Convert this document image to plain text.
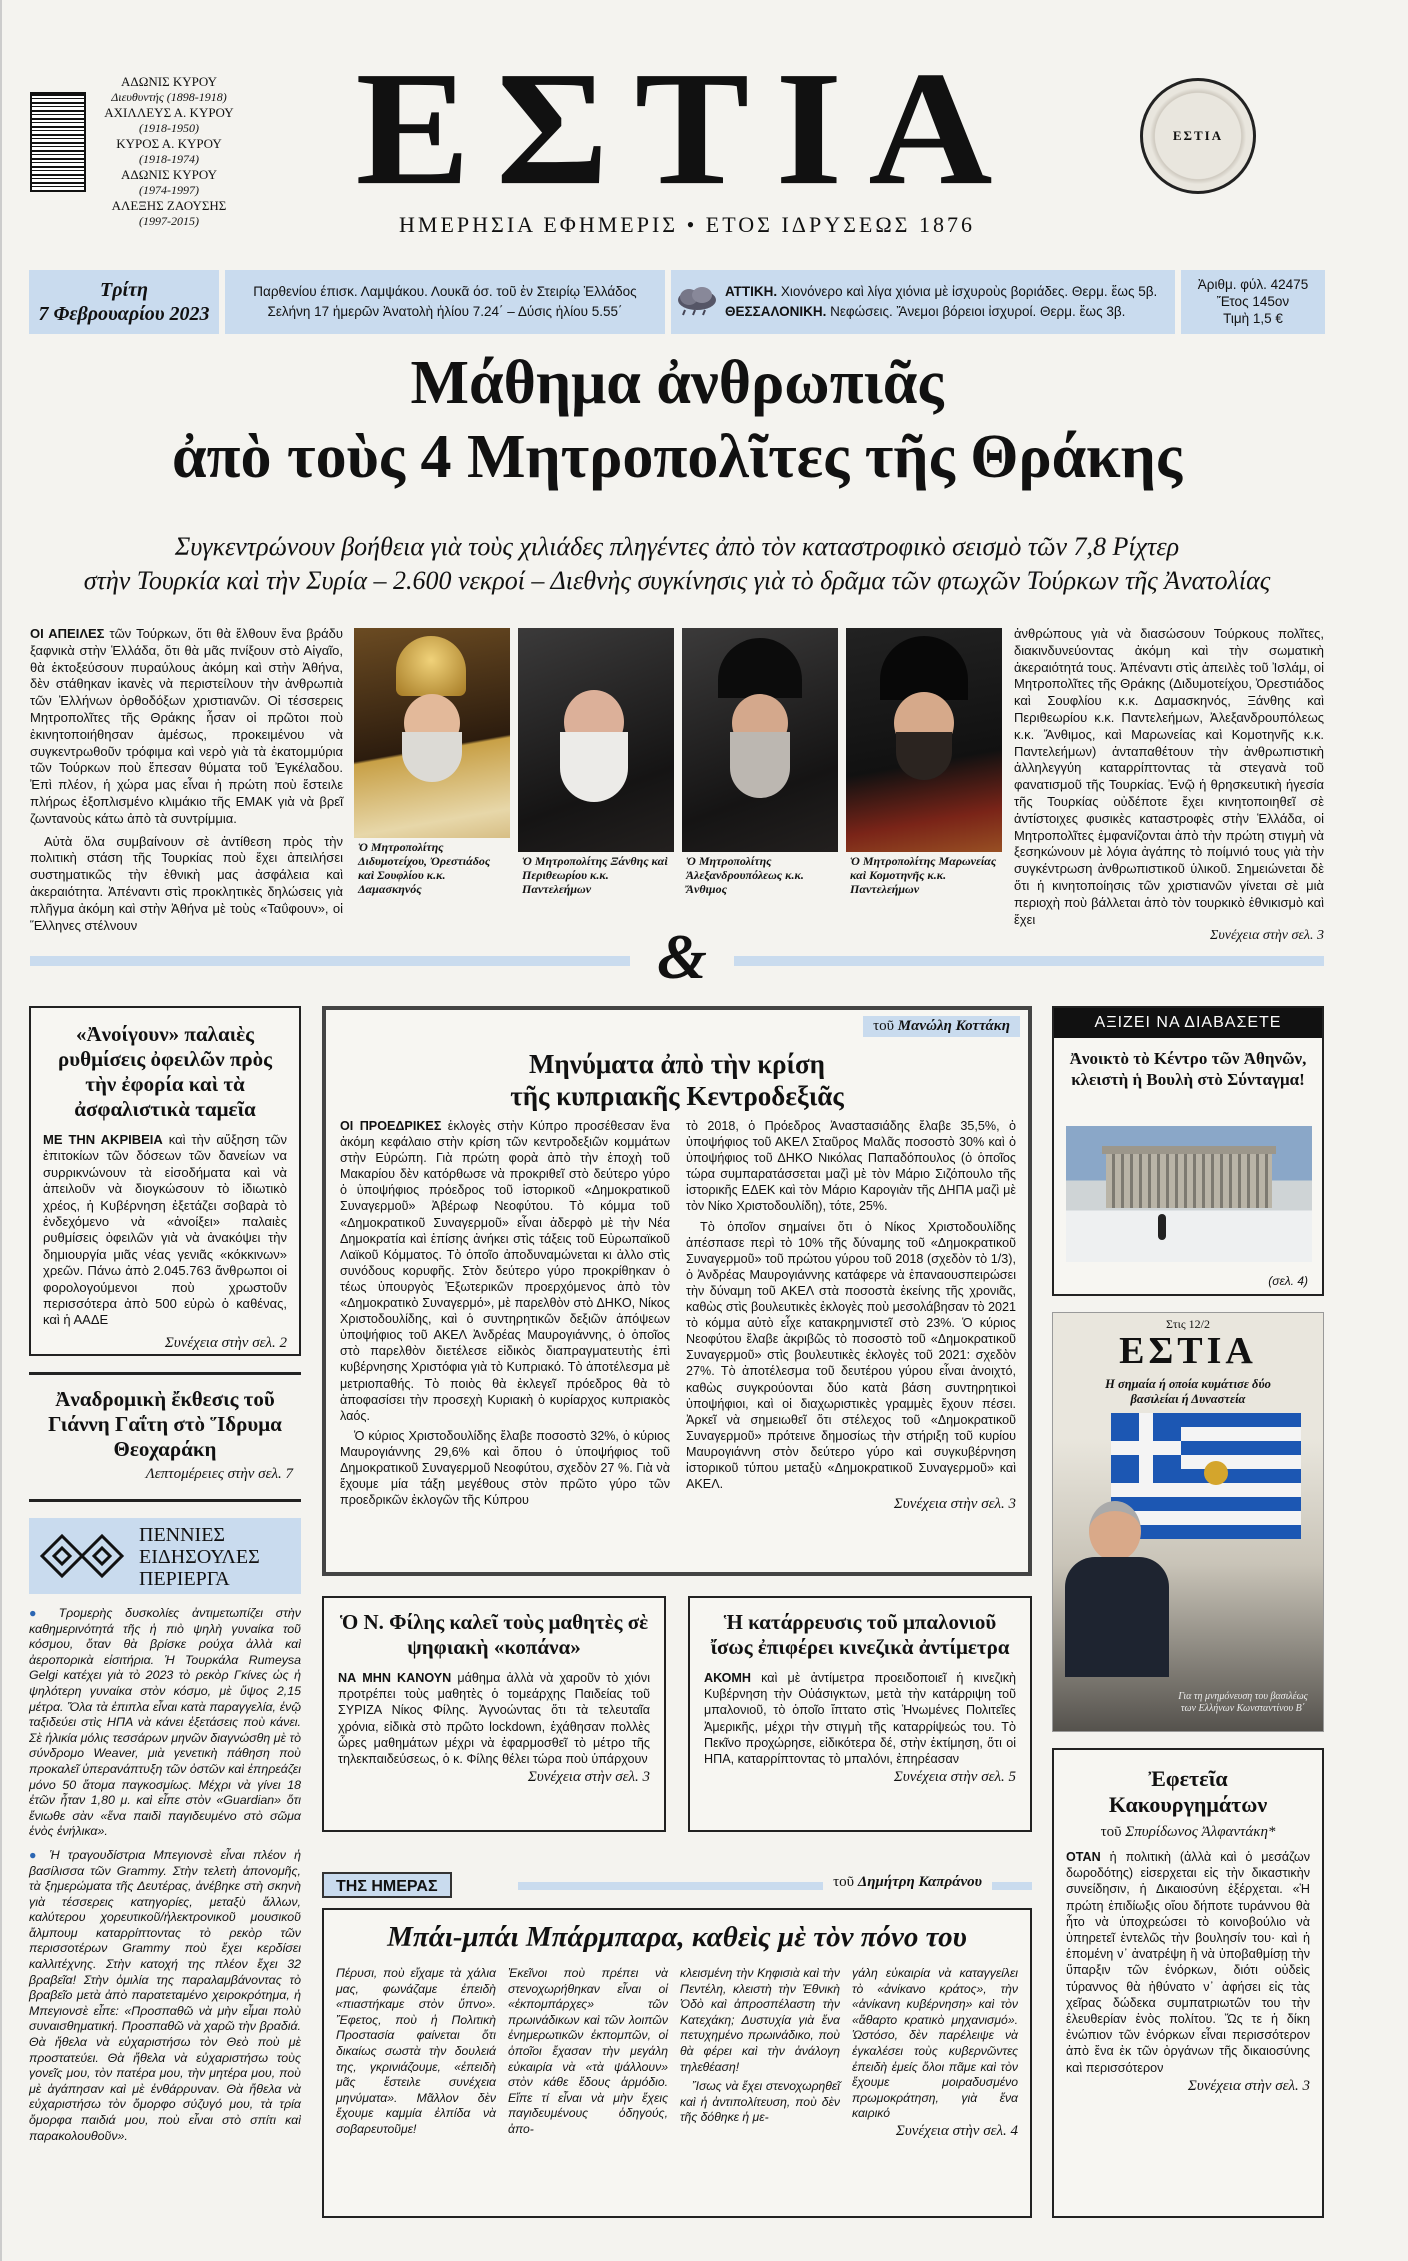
ΑΔΩΝΙΣ ΚΥΡΟΥ
Διευθυντής (1898-1918)
ΑΧΙΛΛΕΥΣ Α. ΚΥΡΟΥ
(1918-1950)
ΚΥΡΟΣ Α. ΚΥΡΟΥ
(1918-1974)
ΑΔΩΝΙΣ ΚΥΡΟΥ
(1974-1997)
ΑΛΕΞΗΣ ΖΑΟΥΣΗΣ
(1997-2015)
ΕΣΤΙΑ
ΗΜΕΡΗΣΙΑ ΕΦΗΜΕΡΙΣ • ΕΤΟΣ ΙΔΡΥΣΕΩΣ 1876
ΕΣΤΙΑ
Τρίτη
7 Φεβρουαρίου 2023
Παρθενίου έπισκ. Λαμψάκου. Λουκᾶ όσ. τοῦ ἐν Στειρίῳ Ἑλλάδος
Σελήνη 17 ἡμερῶν Ἀνατολὴ ἡλίου 7.24΄ – Δύσις ἡλίου 5.55΄
ΑΤΤΙΚΗ. Χιονόνερο καὶ λίγα χιόνια μὲ ἰσχυροὺς βοριάδες. Θερμ. ἕως 5β.
ΘΕΣΣΑΛΟΝΙΚΗ. Νεφώσεις. Ἄνεμοι βόρειοι ἰσχυροί. Θερμ. ἕως 3β.
Ἀριθμ. φύλ. 42475
Ἔτος 145ον
Τιμὴ 1,5 €
Μάθημα ἀνθρωπιᾶς
ἀπὸ τοὺς 4 Μητροπολῖτες τῆς Θράκης
Συγκεντρώνουν βοήθεια γιὰ τοὺς χιλιάδες πληγέντες ἀπὸ τὸν καταστροφικὸ σεισμὸ τῶν 7,8 Ρίχτερ
στὴν Τουρκία καὶ τὴν Συρία – 2.600 νεκροί – Διεθνὴς συγκίνησις γιὰ τὸ δρᾶμα τῶν φτωχῶν Τούρκων τῆς Ἀνατολίας

ΟΙ ΑΠΕΙΛΕΣ τῶν Τούρκων, ὅτι θὰ ἔλθουν ἕνα βράδυ ξαφνικὰ στὴν Ἑλλάδα, ὅτι θὰ μᾶς πνίξουν στὸ Αἰγαῖο, θὰ ἐκτοξεύσουν πυραύλους ἀκόμη καὶ στὴν Ἀθήνα, δὲν στάθηκαν ἱκανὲς νὰ περιστείλουν τὴν ἀνθρωπιὰ τῶν Ἑλλήνων ὀρθοδόξων χριστιανῶν. Οἱ τέσσερεις Μητροπολῖτες τῆς Θράκης ἦσαν οἱ πρῶτοι ποὺ ἐκινητοποιήθησαν ἀμέσως, προκειμένου νὰ συγκεντρωθοῦν τρόφιμα καὶ νερὸ γιὰ τὰ ἑκατομμύρια τῶν Τούρκων ποὺ ἔπεσαν θύματα τοῦ Ἐγκέλαδου. Ἐπὶ πλέον, ἡ χώρα μας εἶναι ἡ πρώτη ποὺ ἔστειλε πλήρως ἐξοπλισμένο κλιμάκιο τῆς ΕΜΑΚ γιὰ νὰ βρεῖ ζωντανοὺς κάτω ἀπὸ τὰ συντρίμμια.

Αὐτὰ ὅλα συμβαίνουν σὲ ἀντίθεση πρὸς τὴν πολιτικὴ στάση τῆς Τουρκίας ποὺ ἔχει ἀπειλήσει συστηματικῶς τὴν ἐθνικὴ μας ἀσφάλεια καὶ ἀκεραιότητα. Ἀπέναντι στὶς προκλητικὲς δηλώσεις γιὰ πλῆγμα ἀκόμη καὶ στὴν Ἀθήνα μὲ τοὺς «Ταΰφουν», οἱ Ἕλληνες στέλνουν

Ὁ Μητροπολίτης Διδυμοτείχου, Ὀρεστιάδος καὶ Σουφλίου κ.κ. Δαμασκηνός
Ὁ Μητροπολίτης Ξάνθης καὶ Περιθεωρίου κ.κ. Παντελεήμων
Ὁ Μητροπολίτης Ἀλεξανδρουπόλεως κ.κ. Ἄνθιμος
Ὁ Μητροπολίτης Μαρωνείας καὶ Κομοτηνῆς κ.κ. Παντελεήμων

ἀνθρώπους γιὰ νὰ διασώσουν Τούρκους πολῖτες, διακινδυνεύοντας ἀκόμη καὶ τὴν σωματικὴ ἀκεραιότητά τους. Ἀπέναντι στὶς ἀπειλὲς τοῦ Ἰσλάμ, οἱ Μητροπολῖτες τῆς Θράκης (Διδυμοτείχου, Ὀρεστιάδος καὶ Σουφλίου κ.κ. Δαμασκηνός, Ξάνθης καὶ Περιθεωρίου κ.κ. Παντελεήμων, Ἀλεξανδρουπόλεως κ.κ. Ἄνθιμος, καὶ Μαρωνείας καὶ Κομοτηνῆς κ.κ. Παντελεήμων) ἀνταπαθέτουν τὴν ἀνθρωπιστικὴ ἀλληλεγγύη καταρρίπτοντας τὰ στεγανὰ τοῦ φανατισμοῦ τῆς Τουρκίας. Ἐνῷ ἡ θρησκευτικὴ ἡγεσία τῆς Τουρκίας οὐδέποτε ἔχει κινητοποιηθεῖ σὲ ἀντίστοιχες φυσικὲς καταστροφὲς στὴν Ἑλλάδα, οἱ Μητροπολῖτες ἐμφανίζονται ἀπὸ τὴν πρώτη στιγμὴ νὰ ξεσηκώνουν μὲ λόγια ἀγάπης τὸ ποίμνιό τους γιὰ τὴν συγκέντρωση ἀνθρωπιστικοῦ ὑλικοῦ. Σημειώνεται δὲ ὅτι ἡ κινητοποίησις τῶν χριστιανῶν γίνεται σὲ μιὰ περιοχὴ ποὺ βάλλεται ἀπὸ τὸν τουρκικὸ ἐθνικισμὸ καὶ ἔχει

Συνέχεια στὴν σελ. 3

&
«Ἀνοίγουν» παλαιὲς ρυθμίσεις ὀφειλῶν πρὸς τὴν ἐφορία καὶ τὰ ἀσφαλιστικὰ ταμεῖα

ΜΕ ΤΗΝ ΑΚΡΙΒΕΙΑ καὶ τὴν αὔξηση τῶν ἐπιτοκίων τῶν δόσεων τῶν δανείων να συρρικνώνουν τὰ εἰσοδήματα καὶ νὰ ἀπειλοῦν νὰ διογκώσουν τὸ ἰδιωτικὸ χρέος, ἡ Κυβέρνηση ἐξετάζει σοβαρὰ τὸ ἐνδεχόμενο νὰ «ἀνοίξει» παλαιὲς ρυθμίσεις ὀφειλῶν γιὰ νὰ ἀνακόψει τὴν δημιουργία μιᾶς νέας γενιᾶς «κόκκινων» χρεῶν. Πάνω ἀπὸ 2.045.763 ἄνθρωποι οἱ φορολογούμενοι ποὺ χρωστοῦν περισσότερα ἀπὸ 500 εὐρὼ ὁ καθένας, καὶ ἡ ΑΑΔΕ

Συνέχεια στὴν σελ. 2

Ἀναδρομικὴ ἔκθεσις τοῦ Γιάννη Γαΐτη στὸ Ἵδρυμα Θεοχαράκη

Λεπτομέρειες στὴν σελ. 7

ΠΕΝΝΙΕΣ
ΕΙΔΗΣΟΥΛΕΣ
ΠΕΡΙΕΡΓΑ

● Τρομερὴς δυσκολίες ἀντιμετωπίζει στὴν καθημερινότητά τῆς ἡ πιὸ ψηλὴ γυναίκα τοῦ κόσμου, ὅταν θὰ βρίσκε ρούχα ἀλλὰ καὶ ἀεροπορικὰ εἰσιτήρια. Ἡ Τουρκάλα Rumeysa Gelgi κατέχει γιὰ τὸ 2023 τὸ ρεκὸρ Γκίνες ὡς ἡ ψηλότερη γυναίκα στὸν κόσμο, μὲ ὕψος 2,15 μέτρα. Ὅλα τὰ ἐπιπλα εἶναι κατὰ παραγγελία, ἐνῷ ταξιδεύει στὶς ΗΠΑ νὰ κάνει ἐξετάσεις ποὺ κάνει. Σὲ ἡλικία μόλις τεσσάρων μηνῶν διαγνώσθη μὲ τὸ σύνδρομο Weaver, μιὰ γενετικὴ πάθηση ποὺ προκαλεῖ ὑπερανάπτυξη τῶν ὀστῶν καὶ ἐπηρεάζει μόνο 50 ἄτομα παγκοσμίως. Μέχρι νὰ γίνει 18 ἐτῶν ἦταν 1,80 μ. καὶ εἶπε στὸν «Guardian» ὅτι ἔνιωθε σὰν «ἕνα παιδὶ παγιδευμένο στὸ σῶμα ἑνὸς ἐνήλικα».

● Ἡ τραγουδίστρια Μπεγιονσὲ εἶναι πλέον ἡ βασίλισσα τῶν Grammy. Στὴν τελετὴ ἀπονομῆς, τὰ ξημερώματα τῆς Δευτέρας, ἀνέβηκε στὴ σκηνὴ γιὰ τέσσερεις κατηγορίες, μεταξὺ ἄλλων, καλύτερου χορευτικοῦ/ἠλεκτρονικοῦ μουσικοῦ ἄλμπουμ καταρρίπτοντας τὸ ρεκὸρ τῶν περισσοτέρων Grammy ποὺ ἔχει κερδίσει καλλιτέχνης. Στὴν κατοχή της πλέον ἔχει 32 βραβεῖα! Στὴν ὁμιλία της παραλαμβάνοντας τὸ βραβεῖο μετὰ ἀπὸ παρατεταμένο χειροκρότημα, ἡ Μπεγιονσὲ εἶπε: «Προσπαθῶ νὰ μὴν εἶμαι πολὺ συναισθηματική. Προσπαθῶ νὰ χαρῶ τὴν βραδιά. Θὰ ἤθελα νὰ εὐχαριστήσω τὸν Θεὸ ποὺ μὲ προστατεύει. Θὰ ἤθελα νὰ εὐχαριστήσω τοὺς γονεῖς μου, τὸν πατέρα μου, τὴν μητέρα μου, ποὺ μὲ ἀγάπησαν καὶ μὲ ἐνθάρρυναν. Θὰ ἤθελα νὰ εὐχαριστήσω τὸν ὄμορφο σύζυγό μου, τὰ τρία ὄμορφα παιδιά μου, ποὺ εἶναι στὸ σπίτι καὶ παρακολουθοῦν».

τοῦ Μανώλη Κοττάκη
Μηνύματα ἀπὸ τὴν κρίση
τῆς κυπριακῆς Κεντροδεξιᾶς

ΟΙ ΠΡΟΕΔΡΙΚΕΣ ἐκλογὲς στὴν Κύπρο προσέθεσαν ἕνα ἀκόμη κεφάλαιο στὴν κρίση τῶν κεντροδεξιῶν κομμάτων στὴν Εὐρώπη. Γιὰ πρώτη φορὰ ἀπὸ τὴν ἐποχὴ τοῦ Μακαρίου δὲν κατόρθωσε νὰ προκριθεῖ στὸ δεύτερο γύρο ὁ ὑποψήφιος πρόεδρος τοῦ ἱστορικοῦ «Δημοκρατικοῦ Συναγερμοῦ» Ἀβέρωφ Νεοφύτου. Τὸ κόμμα τοῦ «Δημοκρατικοῦ Συναγερμοῦ» εἶναι ἀδερφὸ μὲ τὴν Νέα Δημοκρατία καὶ ἐπίσης ἀνήκει στὶς τάξεις τοῦ Εὐρωπαϊκοῦ Λαϊκοῦ Κόμματος. Τὸ ὁποῖο ἀποδυναμώνεται κι ἀλλο στὶς συνόδους κορυφῆς. Στὸν δεύτερο γύρο προκρίθηκαν ὁ τέως ὑπουργὸς Ἐξωτερικῶν προερχόμενος ἀπὸ τὸν «Δημοκρατικὸ Συναγερμό», μὲ παρελθὸν στὸ ΔΗΚΟ, Νίκος Χριστοδουλίδης, καὶ ὁ συντηρητικῶν δεξιῶν ἀπόψεων ὑποψήφιος τοῦ ΑΚΕΛ Ἀνδρέας Μαυρογιάννης, ὁ ὁποῖος στὸ παρελθὸν διετέλεσε εἰδικὸς διαπραγματευτὴς ἐπὶ κυβέρνησης Χριστόφια γιὰ τὸ Κυπριακό. Τὸ ἀποτέλεσμα μὲ μετριοπαθής. Τὸ ποιὸς θὰ ἐκλεγεῖ πρόεδρος θὰ τὸ ἀποφασίσει τὴν προσεχὴ Κυριακὴ ὁ κυρίαρχος κυπριακὸς λαός.

Ὁ κύριος Χριστοδουλίδης ἔλαβε ποσοστὸ 32%, ὁ κύριος Μαυρογιάννης 29,6% καὶ ὅπου ὁ ὑποψήφιος τοῦ Δημοκρατικοῦ Συναγερμοῦ Νεοφύτου, σχεδὸν 27 %. Γιὰ νὰ ἔχουμε μία τάξη μεγέθους στὸν πρῶτο γύρο τῶν προεδρικῶν ἐκλογῶν τῆς Κύπρου

τὸ 2018, ὁ Πρόεδρος Ἀναστασιάδης ἔλαβε 35,5%, ὁ ὑποψήφιος τοῦ ΑΚΕΛ Σταῦρος Μαλᾶς ποσοστὸ 30% καὶ ὁ ὑποψήφιος τοῦ ΔΗΚΟ Νικόλας Παπαδόπουλος (ὁ ὁποῖος τώρα συμπαρατάσσεται μαζὶ μὲ τὸν Μάριο Σιζόπουλο τῆς ἱστορικῆς ΕΔΕΚ καὶ τὸν Μάριο Καρογιὰν τῆς ΔΗΠΑ μαζὶ μὲ τὸν Νίκο Χριστοδουλίδη), τότε, 25%.

Τὸ ὁποῖον σημαίνει ὅτι ὁ Νίκος Χριστοδουλίδης ἀπέσπασε περὶ τὸ 10% τῆς δύναμης τοῦ «Δημοκρατικοῦ Συναγερμοῦ» τοῦ πρώτου γύρου τοῦ 2018 (σχεδὸν τὸ 1/3), ὁ Ἀνδρέας Μαυρογιάννης κατάφερε νὰ ἐπαναουσπειρώσει τὴν δύναμη τοῦ ΑΚΕΛ στὰ ποσοστὰ ἐκείνης τῆς χρονιᾶς, καθὼς στὶς βουλευτικὲς ἐκλογὲς ποὺ μεσολάβησαν τὸ 2021 τὸ κόμμα αὐτὸ εἶχε κατακρημνιστεῖ στὸ 23%. Ὁ κύριος Νεοφύτου ἔλαβε ἀκριβῶς τὸ ποσοστὸ τοῦ «Δημοκρατικοῦ Συναγερμοῦ» στὶς βουλευτικὲς ἐκλογὲς τοῦ 2021: σχεδὸν 27%. Τὸ ἀποτέλεσμα τοῦ δευτέρου γύρου εἶναι ἀνοιχτό, καθὼς συγκρούονται δύο κατὰ βάση συντηρητικοὶ ὑποψήφιοι, καὶ οἱ διαχωριστικὲς γραμμὲς ἔχουν πέσει. Ἀρκεῖ νὰ σημειωθεῖ ὅτι στέλεχος τοῦ «Δημοκρατικοῦ Συναγερμοῦ» πρότεινε δημοσίως τὴν στήριξη τοῦ κυρίου Μαυρογιάννη στὸν δεύτερο γύρο καὶ συγκυβέρνηση ἱστορικοῦ τύπου μεταξὺ «Δημοκρατικοῦ Συναγερμοῦ» καὶ ΑΚΕΛ.

Συνέχεια στὴν σελ. 3

ΑΞΙΖΕΙ ΝΑ ΔΙΑΒΑΣΕΤΕ
Ἀνοικτὸ τὸ Κέντρο τῶν Ἀθηνῶν, κλειστὴ ἡ Βουλὴ στὸ Σύνταγμα!
(σελ. 4)
Στις 12/2
ΕΣΤΙΑ
Η σημαία ή οποία κυμάτισε δύο βασιλείαι ή Δυναστεία
Για τη μνημόνευση του βασιλέως των Ελλήνων Κωνσταντίνου Β΄
Ὁ Ν. Φίλης καλεῖ τοὺς μαθητὲς σὲ ψηφιακὴ «κοπάνα»

ΝΑ ΜΗΝ ΚΑΝΟΥΝ μάθημα ἀλλὰ νὰ χαροῦν τὸ χιόνι προτρέπει τοὺς μαθητὲς ὁ τομεάρχης Παιδείας τοῦ ΣΥΡΙΖΑ Νίκος Φίλης. Ἀγνοώντας ὅτι τὰ τελευταῖα χρόνια, εἰδικὰ στὸ πρῶτο lockdown, ἐχάθησαν πολλὲς ὧρες μαθημάτων μέχρι νὰ ἐφαρμοσθεῖ τὸ μέτρο τῆς τηλεκπαιδεύσεως, ὁ κ. Φίλης θέλει τώρα ποὺ ὑπάρχουν

Συνέχεια στὴν σελ. 3

Ἡ κατάρρευσις τοῦ μπαλονιοῦ ἴσως ἐπιφέρει κινεζικὰ ἀντίμετρα

ΑΚΟΜΗ καὶ μὲ ἀντίμετρα προειδοποιεῖ ἡ κινεζικὴ Κυβέρνηση τὴν Οὐάσιγκτων, μετὰ τὴν κατάρριψη τοῦ μπαλονιοῦ, τὸ ὁποῖο ἴπτατο στὶς Ἡνωμένες Πολιτεῖες Ἀμερικῆς, μέχρι τὴν στιγμὴ τῆς καταρρίψεώς του. Τὸ Πεκῖνο προχώρησε, εἰδικότερα δέ, στὴν ἐκτίμηση, ὅτι οἱ ΗΠΑ, καταρρίπτοντας τὸ μπαλόνι, ἐπηρέασαν

Συνέχεια στὴν σελ. 5	Ἐφετεῖα Κακουργημάτων
τοῦ Σπυρίδωνος Ἀλφαντάκη*

ΟΤΑΝ ἡ πολιτικὴ (ἀλλὰ καὶ ὁ μεσάζων δωροδότης) εἰσερχεται εἰς τὴν δικαστικὴν συνείδησιν, ἡ Δικαιοσύνη ἐξέρχεται. «Ἡ πρώτη ἐπιδίωξις οἵου δήποτε τυράννου θὰ ἦτο νὰ ὑποχρεώσει τὸ κοινοβούλιο νὰ ὑπηρετεῖ ἐντελῶς τὴν βουλησίν του· καὶ ἡ ἑπομένη ν᾽ ἀνατρέψη ἢ νὰ ὑποβαθμίσῃ τὴν ὕπαρξιν τῶν ἐνόρκων, διότι οὐδεὶς τύραννος θὰ ἠθύνατο ν᾽ ἀφήσει εἰς τὰς χεῖρας δώδεκα συμπατριωτῶν του τὴν ἐλευθερίαν ἑνὸς πολίτου. Ὥς τε ἡ δίκη ἐνώπιον τῶν ἐνόρκων εἶναι περισσότερον ἀπὸ ἕνα ἐκ τῶν ὀργάνων τῆς δικαιοσύνης καὶ περισσότερον

Συνέχεια στὴν σελ. 3

ΤΗΣ ΗΜΕΡΑΣ	τοῦ Δημήτρη Καπράνου
Μπάι-μπάι Μπάρμπαρα, καθεὶς μὲ τὸν πόνο του

Πέρυσι, ποὺ εἴχαμε τὰ χάλια μας, φωνάζαμε ἐπειδὴ «πιαστήκαμε στὸν ὕπνο». Ἔφετος, ποὺ ἡ Πολιτικὴ Προστασία φαίνεται ὅτι δικαίως σωστὰ τὴν δουλειά της, γκρινιάζουμε, «ἐπειδὴ μᾶς ἔστειλε συνέχεια μηνύματα». Μᾶλλον δὲν ἔχουμε καμμία ἐλπίδα νὰ σοβαρευτοῦμε!

Ἐκεῖνοι ποὺ πρέπει νὰ στενοχωρήθηκαν εἶναι οἱ «ἐκπομπάρχες» τῶν πρωινάδικων καὶ τῶν λοιπῶν ἐνημερωτικῶν ἐκπομπῶν, οἱ ὁποῖοι ἔχασαν τὴν μεγάλη εὐκαιρία νὰ «τὰ ψάλλουν» στὸν κάθε ἔδους ἁρμόδιο. Εἴπε τί εἶναι νὰ μὴν ἔχεις παγιδευμένους ὁδηγούς, ἀπο-

κλεισμένη τὴν Κηφισιὰ καὶ τὴν Πεντέλη, κλειστὴ τὴν Ἐθνικὴ Ὁδὸ καὶ ἀπροσπέλαστη τὴν Κατεχάκη; Δυστυχία γιὰ ἕνα πετυχημένο πρωινάδικο, ποὺ θὰ φέρει καὶ τὴν ἀνάλογη τηλεθέαση!

Ἴσως νὰ ἔχει στενοχωρηθεῖ καὶ ἡ ἀντιπολίτευση, ποὺ δὲν τῆς δόθηκε ἡ με-

γάλη εὐκαιρία νὰ καταγγείλει τὸ «ἀνίκανο κράτος», τὴν «ἀνίκανη κυβέρνηση» καὶ τὸν «ἄθαρτο κρατικὸ μηχανισμό». Ὡστόσο, δὲν παρέλειψε νὰ ἐγκαλέσει τοὺς κυβερνῶντες ἐπειδὴ ἐμείς ὅλοι πᾶμε καὶ τὸν ἔχουμε μοιραδυσμένο πρωμοκράτηση, γιὰ ἕνα καιρικό

Συνέχεια στὴν σελ. 4
